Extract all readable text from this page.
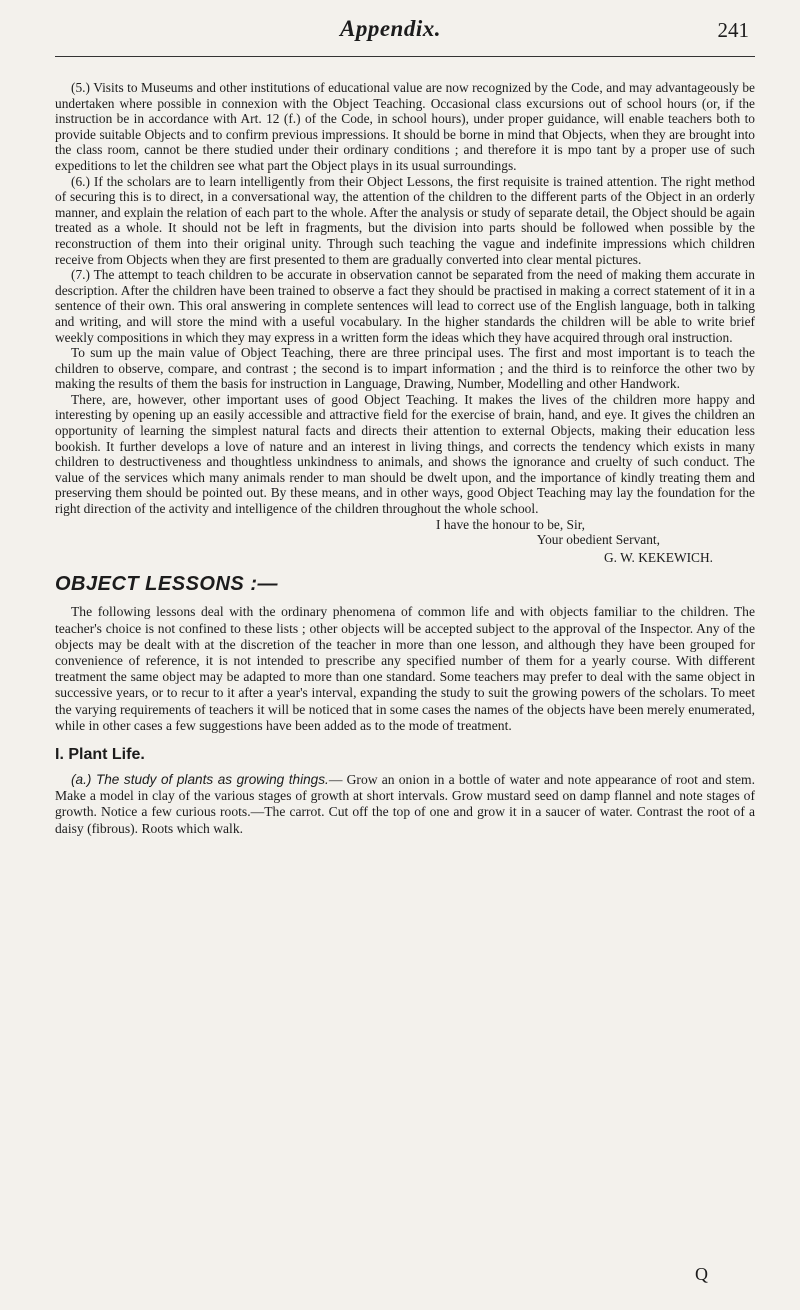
Appendix.	241

(5.) Visits to Museums and other institutions of educational value are now recognized by the Code, and may advantageously be undertaken where possible in connexion with the Object Teaching. Occasional class excursions out of school hours (or, if the instruction be in accordance with Art. 12 (f.) of the Code, in school hours), under proper guidance, will enable teachers both to provide suitable Objects and to confirm previous impressions. It should be borne in mind that Objects, when they are brought into the class room, cannot be there studied under their ordinary conditions ; and therefore it is mpo tant by a proper use of such expeditions to let the children see what part the Object plays in its usual surroundings.

(6.) If the scholars are to learn intelligently from their Object Lessons, the first requisite is trained attention. The right method of securing this is to direct, in a conversational way, the attention of the children to the different parts of the Object in an orderly manner, and explain the relation of each part to the whole. After the analysis or study of separate detail, the Object should be again treated as a whole. It should not be left in fragments, but the division into parts should be followed when possible by the reconstruction of them into their original unity. Through such teaching the vague and indefinite impressions which children receive from Objects when they are first presented to them are gradually converted into clear mental pictures.

(7.) The attempt to teach children to be accurate in observation cannot be separated from the need of making them accurate in description. After the children have been trained to observe a fact they should be practised in making a correct statement of it in a sentence of their own. This oral answering in complete sentences will lead to correct use of the English language, both in talking and writing, and will store the mind with a useful vocabulary. In the higher standards the children will be able to write brief weekly compositions in which they may express in a written form the ideas which they have acquired through oral instruction.

To sum up the main value of Object Teaching, there are three principal uses. The first and most important is to teach the children to observe, compare, and contrast ; the second is to impart information ; and the third is to reinforce the other two by making the results of them the basis for instruction in Language, Drawing, Number, Modelling and other Handwork.

There, are, however, other important uses of good Object Teaching. It makes the lives of the children more happy and interesting by opening up an easily accessible and attractive field for the exercise of brain, hand, and eye. It gives the children an opportunity of learning the simplest natural facts and directs their attention to external Objects, making their education less bookish. It further develops a love of nature and an interest in living things, and corrects the tendency which exists in many children to destructiveness and thoughtless unkindness to animals, and shows the ignorance and cruelty of such conduct. The value of the services which many animals render to man should be dwelt upon, and the importance of kindly treating them and preserving them should be pointed out. By these means, and in other ways, good Object Teaching may lay the foundation for the right direction of the activity and intelligence of the children throughout the whole school.

I have the honour to be, Sir,
Your obedient Servant,
G. W. KEKEWICH.
OBJECT LESSONS :—

The following lessons deal with the ordinary phenomena of common life and with objects familiar to the children. The teacher's choice is not confined to these lists ; other objects will be accepted subject to the approval of the Inspector. Any of the objects may be dealt with at the discretion of the teacher in more than one lesson, and although they have been grouped for convenience of reference, it is not intended to prescribe any specified number of them for a yearly course. With different treatment the same object may be adapted to more than one standard. Some teachers may prefer to deal with the same object in successive years, or to recur to it after a year's interval, expanding the study to suit the growing powers of the scholars. To meet the varying requirements of teachers it will be noticed that in some cases the names of the objects have been merely enumerated, while in other cases a few suggestions have been added as to the mode of treatment.

I. Plant Life.

(a.) The study of plants as growing things.— Grow an onion in a bottle of water and note appearance of root and stem. Make a model in clay of the various stages of growth at short intervals. Grow mustard seed on damp flannel and note stages of growth. Notice a few curious roots.—The carrot. Cut off the top of one and grow it in a saucer of water. Contrast the root of a daisy (fibrous). Roots which walk.

Q
